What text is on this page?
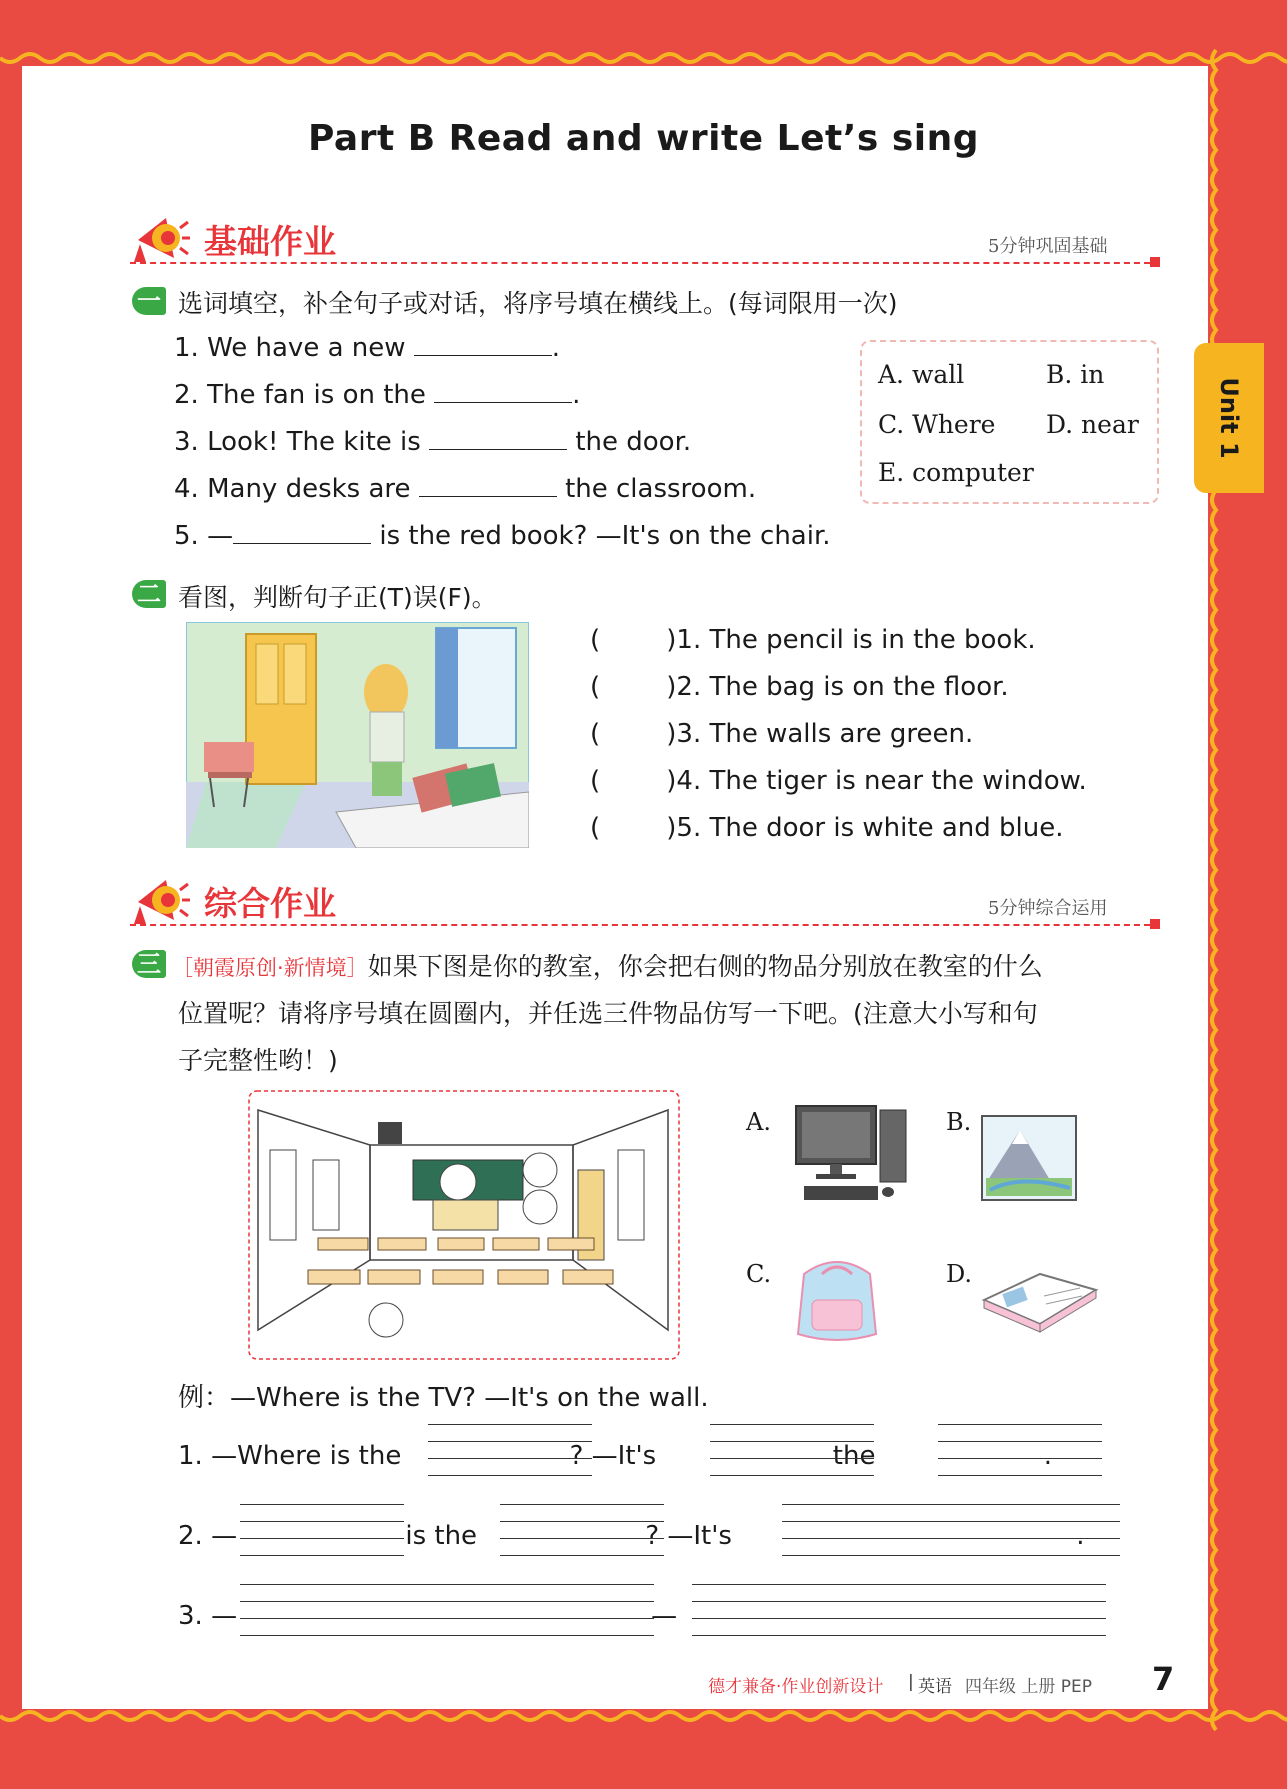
Part B Read and write Let’s sing
Unit 1
基础作业	5分钟巩固基础
一 选词填空，补全句子或对话，将序号填在横线上。(每词限用一次)
1. We have a new	.
2. The fan is on the	.
3. Look! The kite is	the door.
4. Many desks are	the classroom.
5. —	is the red book? —It's on the chair.
A. wall	B. in
C. Where D. near
E. computer
二 看图，判断句子正(T)误(F)。
(        )1. The pencil is in the book.
(        )2. The bag is on the floor.
(        )3. The walls are green.
(        )4. The tiger is near the window.
(        )5. The door is white and blue.
综合作业	5分钟综合运用
三 ［朝霞原创·新情境］如果下图是你的教室，你会把右侧的物品分别放在教室的什么
位置呢？请将序号填在圆圈内，并任选三件物品仿写一下吧。(注意大小写和句
子完整性哟！)
A.	B.
C.	D.
例：—Where is the TV? —It's on the wall.
1. —Where is the	? —It's	the	.
2. —	is the	? —It's	.
3. —	—
德才兼备·作业创新设计 | 英语 四年级 上册 PEP 7
